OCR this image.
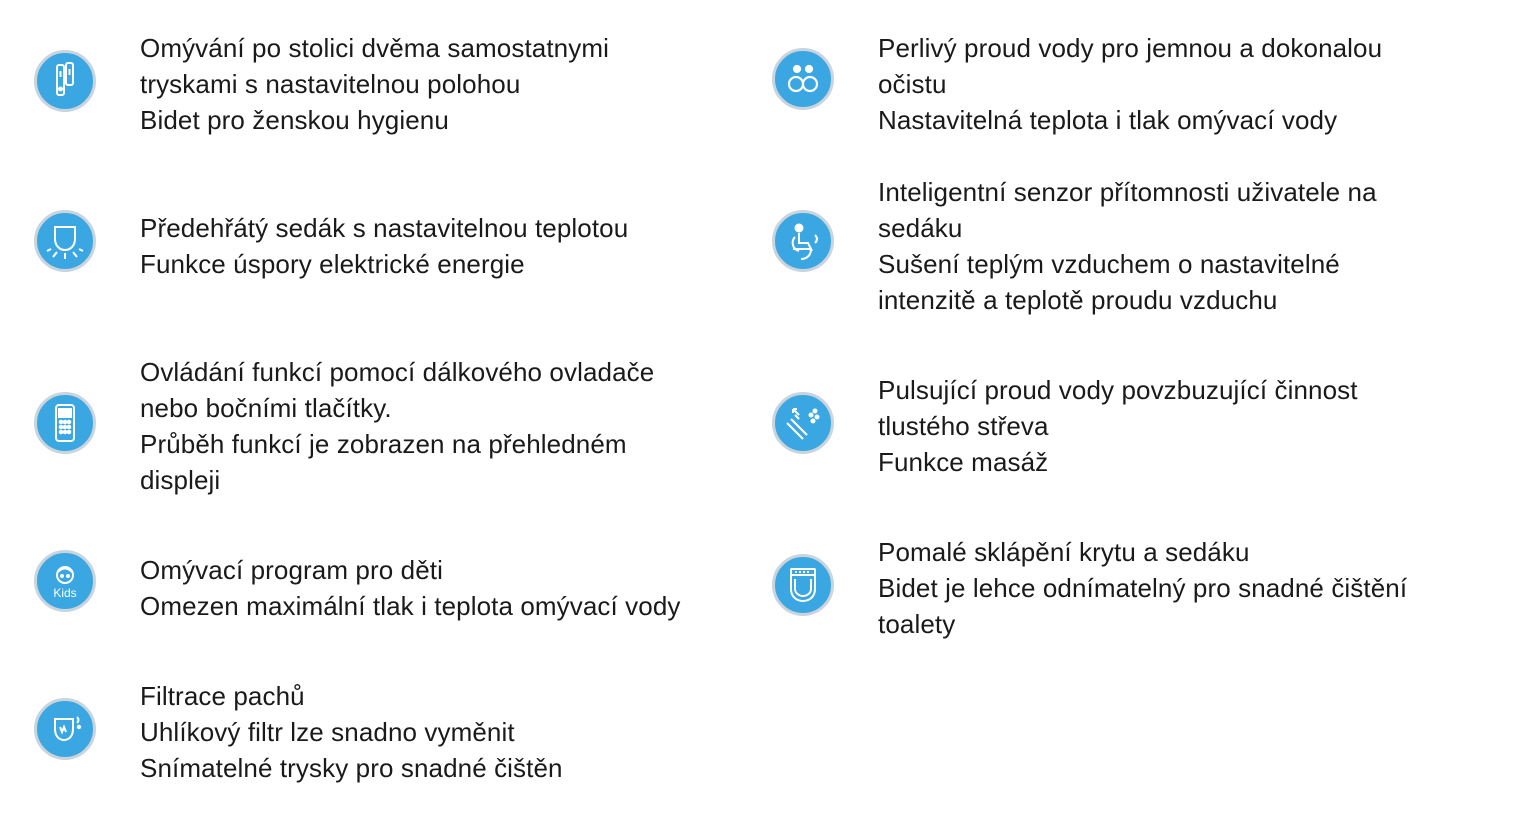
Omývání po stolici dvěma samostatnymi
tryskami s nastavitelnou polohou
Bidet pro ženskou hygienu
Perlivý proud vody pro jemnou a dokonalou
očistu
Nastavitelná teplota i tlak omývací vody
Předehřátý sedák s nastavitelnou teplotou
Funkce úspory elektrické energie
Inteligentní senzor přítomnosti uživatele na
sedáku
Sušení teplým vzduchem o nastavitelné
intenzitě a teplotě proudu vzduchu
Ovládání funkcí pomocí dálkového ovladače
nebo bočními tlačítky.
Průběh funkcí je zobrazen na přehledném
displeji
Pulsující proud vody povzbuzující činnost
tlustého střeva
Funkce masáž
Kids
Omývací program pro děti
Omezen maximální tlak i teplota omývací vody
Pomalé sklápění krytu a sedáku
Bidet je lehce odnímatelný pro snadné čištění
toalety
Filtrace pachů
Uhlíkový filtr lze snadno vyměnit
Snímatelné trysky pro snadné čištěn
